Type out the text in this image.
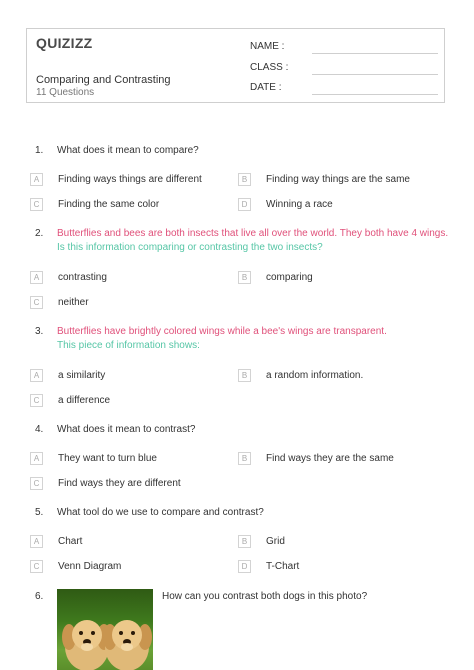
QUIZIZZ
Comparing and Contrasting
11 Questions
NAME :
CLASS :
DATE :
1. What does it mean to compare?
A	Finding ways things are different	B	Finding way things are the same
C	Finding the same color	D	Winning a race
2. Butterflies and bees are both insects that live all over the world. They both have 4 wings.
Is this information comparing or contrasting the two insects?
A	contrasting	B	comparing
C	neither
3. Butterflies have brightly colored wings while a bee's wings are transparent.
This piece of information shows:
A	a similarity	B	a random information.
C	a difference
4. What does it mean to contrast?
A	They want to turn blue	B	Find ways they are the same
C	Find ways they are different
5. What tool do we use to compare and contrast?
A	Chart	B	Grid
C	Venn Diagram	D	T-Chart
6.	How can you contrast both dogs in this photo?
